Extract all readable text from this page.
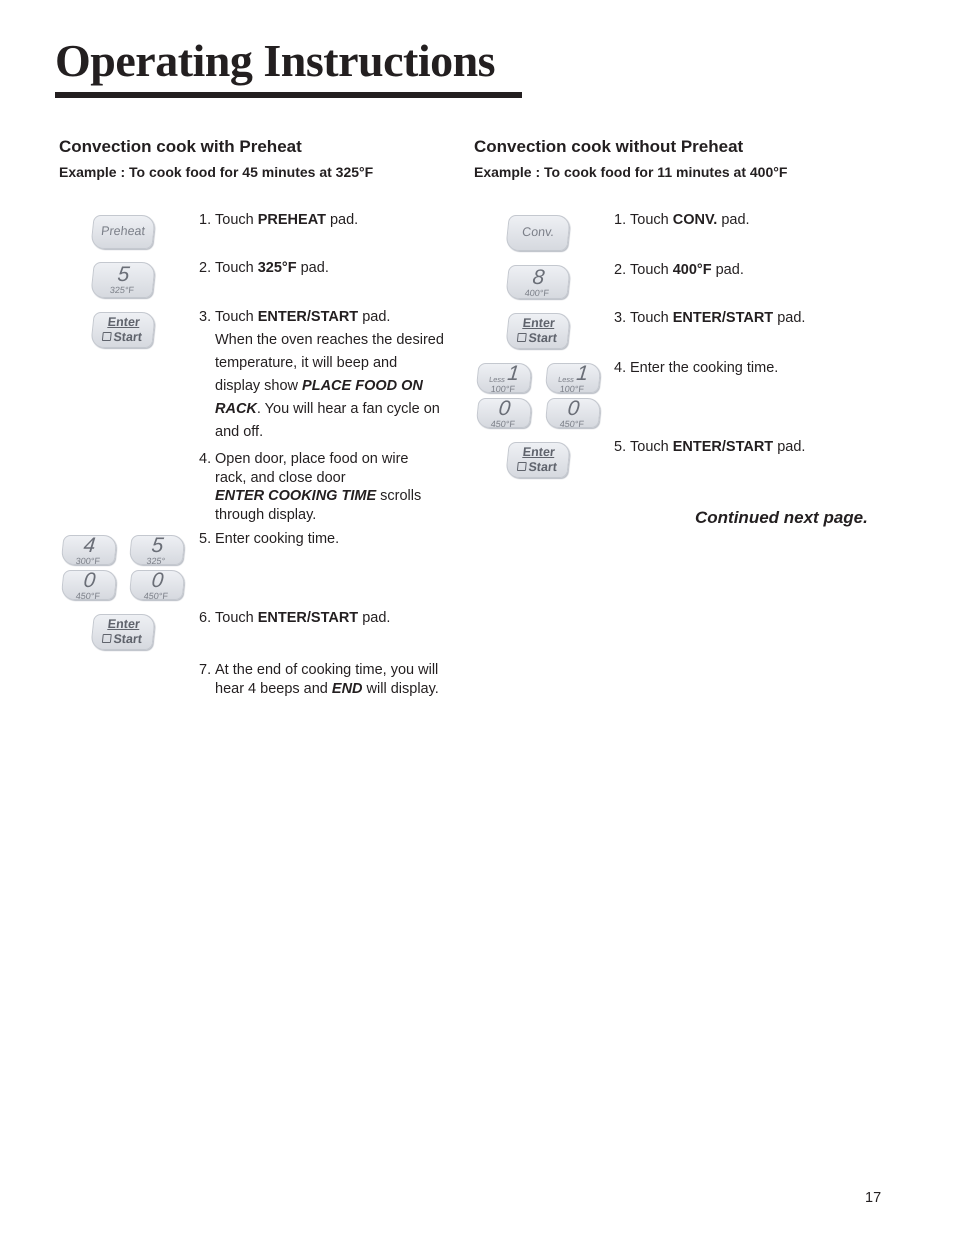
Operating Instructions
Convection cook with Preheat

Example : To cook food for 45 minutes at 325°F

Preheat
5
325°F
Enter
Start
1. Touch PREHEAT pad.
2. Touch 325°F pad.
3. Touch ENTER/START pad.
When the oven reaches the desired
temperature, it will beep and
display show PLACE FOOD ON
RACK. You will hear a fan cycle on
and off.
4. Open door, place food on wire
rack, and close door
ENTER COOKING TIME scrolls
through display.
4
300°F
5
325°
0
450°F
0
450°F
5. Enter cooking time.
Enter
Start
6. Touch ENTER/START pad.
7. At the end of cooking time, you will
hear 4 beeps and END will display.
Convection cook without Preheat

Example : To cook food for 11 minutes at 400°F

Conv.
8
400°F
Enter
Start
Less 1
100°F
Less 1
100°F
0
450°F
0
450°F
Enter
Start
1. Touch CONV. pad.
2. Touch 400°F pad.
3. Touch ENTER/START pad.
4. Enter the cooking time.
5. Touch ENTER/START pad.
Continued next page.
17
